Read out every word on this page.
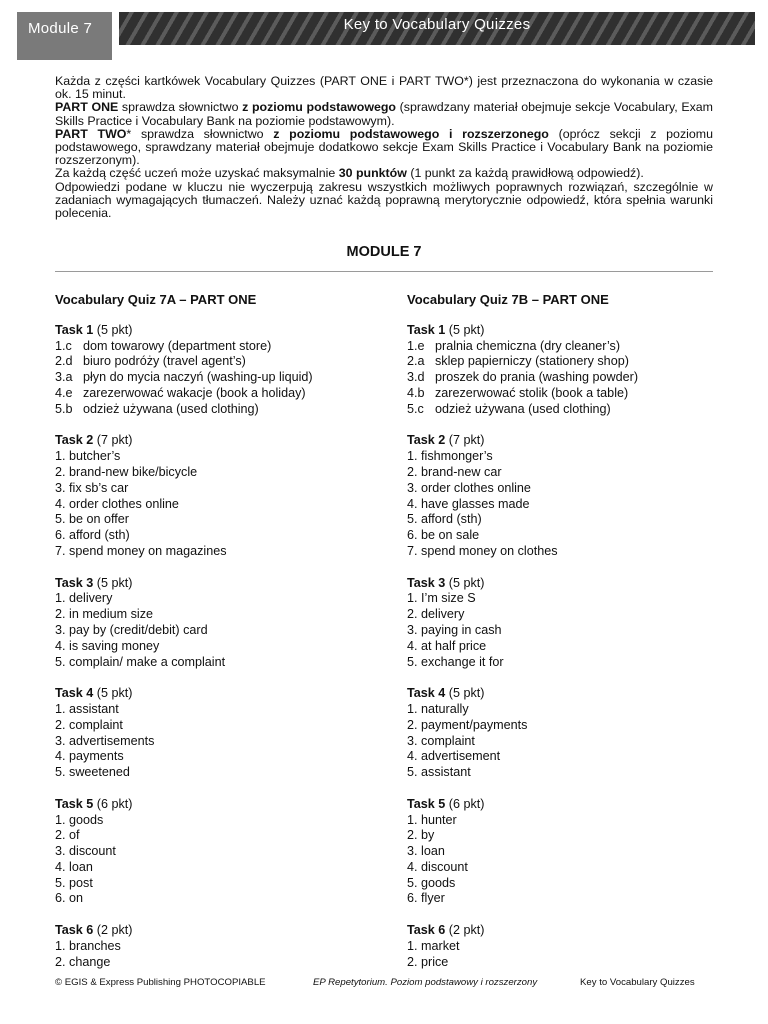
Module 7	Key to Vocabulary Quizzes

Każda z części kartkówek Vocabulary Quizzes (PART ONE i PART TWO*) jest przeznaczona do wykonania w czasie ok. 15 minut.

PART ONE sprawdza słownictwo z poziomu podstawowego (sprawdzany materiał obejmuje sekcje Vocabulary, Exam Skills Practice i Vocabulary Bank na poziomie podstawowym).

PART TWO* sprawdza słownictwo z poziomu podstawowego i rozszerzonego (oprócz sekcji z poziomu podstawowego, sprawdzany materiał obejmuje dodatkowo sekcje Exam Skills Practice i Vocabulary Bank na poziomie rozszerzonym).

Za każdą część uczeń może uzyskać maksymalnie 30 punktów (1 punkt za każdą prawidłową odpowiedź).

Odpowiedzi podane w kluczu nie wyczerpują zakresu wszystkich możliwych poprawnych rozwiązań, szczególnie w zadaniach wymagających tłumaczeń. Należy uznać każdą poprawną merytorycznie odpowiedź, która spełnia warunki polecenia.

MODULE 7
Vocabulary Quiz 7A – PART ONE
Task 1 (5 pkt)
1.c dom towarowy (department store)
2.d biuro podróży (travel agent’s)
3.a płyn do mycia naczyń (washing-up liquid)
4.e zarezerwować wakacje (book a holiday)
5.b odzież używana (used clothing)
Task 2 (7 pkt)
1. butcher’s
2. brand-new bike/bicycle
3. fix sb’s car
4. order clothes online
5. be on offer
6. afford (sth)
7. spend money on magazines
Task 3 (5 pkt)
1. delivery
2. in medium size
3. pay by (credit/debit) card
4. is saving money
5. complain/ make a complaint
Task 4 (5 pkt)
1. assistant
2. complaint
3. advertisements
4. payments
5. sweetened
Task 5 (6 pkt)
1. goods
2. of
3. discount
4. loan
5. post
6. on
Task 6 (2 pkt)
1. branches
2. change
Vocabulary Quiz 7B – PART ONE
Task 1 (5 pkt)
1.e pralnia chemiczna (dry cleaner’s)
2.a sklep papierniczy (stationery shop)
3.d proszek do prania (washing powder)
4.b zarezerwować stolik (book a table)
5.c odzież używana (used clothing)
Task 2 (7 pkt)
1. fishmonger’s
2. brand-new car
3. order clothes online
4. have glasses made
5. afford (sth)
6. be on sale
7. spend money on clothes
Task 3 (5 pkt)
1. I’m size S
2. delivery
3. paying in cash
4. at half price
5. exchange it for
Task 4 (5 pkt)
1. naturally
2. payment/payments
3. complaint
4. advertisement
5. assistant
Task 5 (6 pkt)
1. hunter
2. by
3. loan
4. discount
5. goods
6. flyer
Task 6 (2 pkt)
1. market
2. price
© EGIS & Express Publishing PHOTOCOPIABLE	EP Repetytorium. Poziom podstawowy i rozszerzony	Key to Vocabulary Quizzes
